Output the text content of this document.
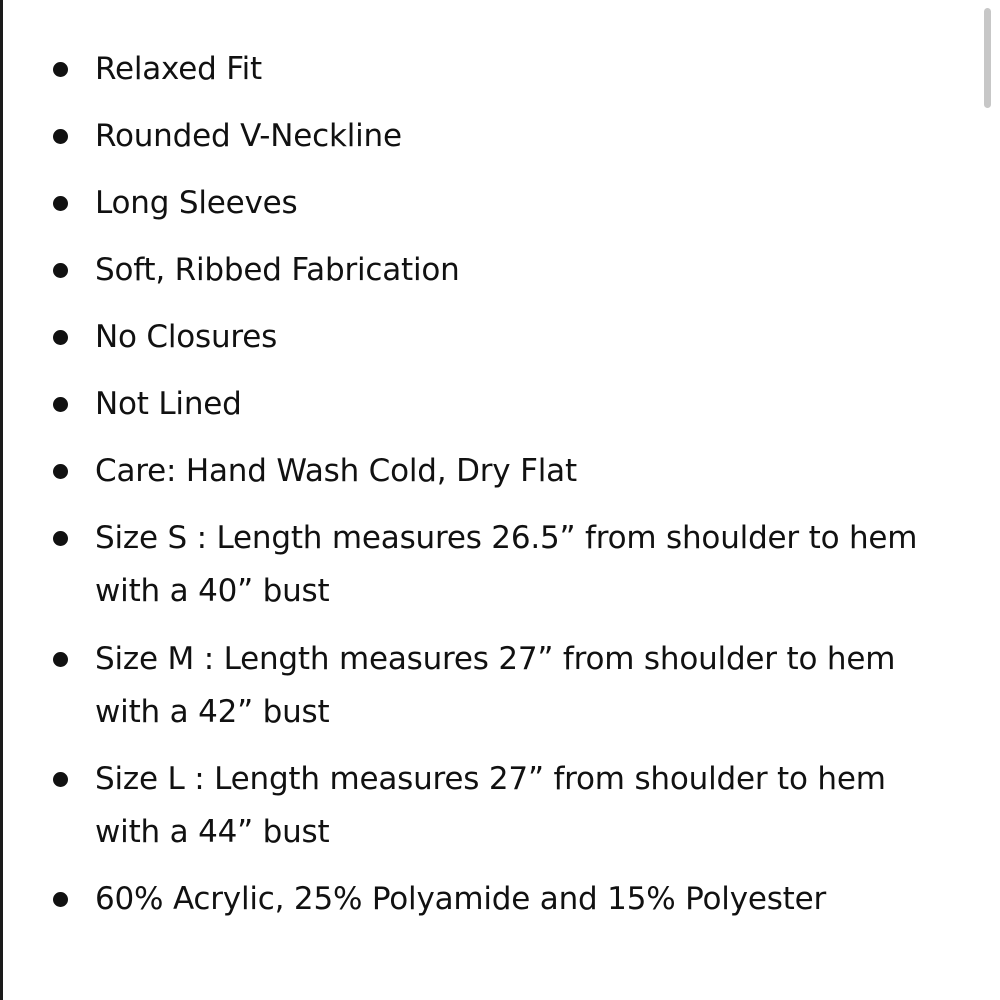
Relaxed Fit
Rounded V-Neckline
Long Sleeves
Soft, Ribbed Fabrication
No Closures
Not Lined
Care: Hand Wash Cold, Dry Flat
Size S : Length measures 26.5” from shoulder to hem
with a 40” bust
Size M : Length measures 27” from shoulder to hem
with a 42” bust
Size L : Length measures 27” from shoulder to hem
with a 44” bust
60% Acrylic, 25% Polyamide and 15% Polyester
